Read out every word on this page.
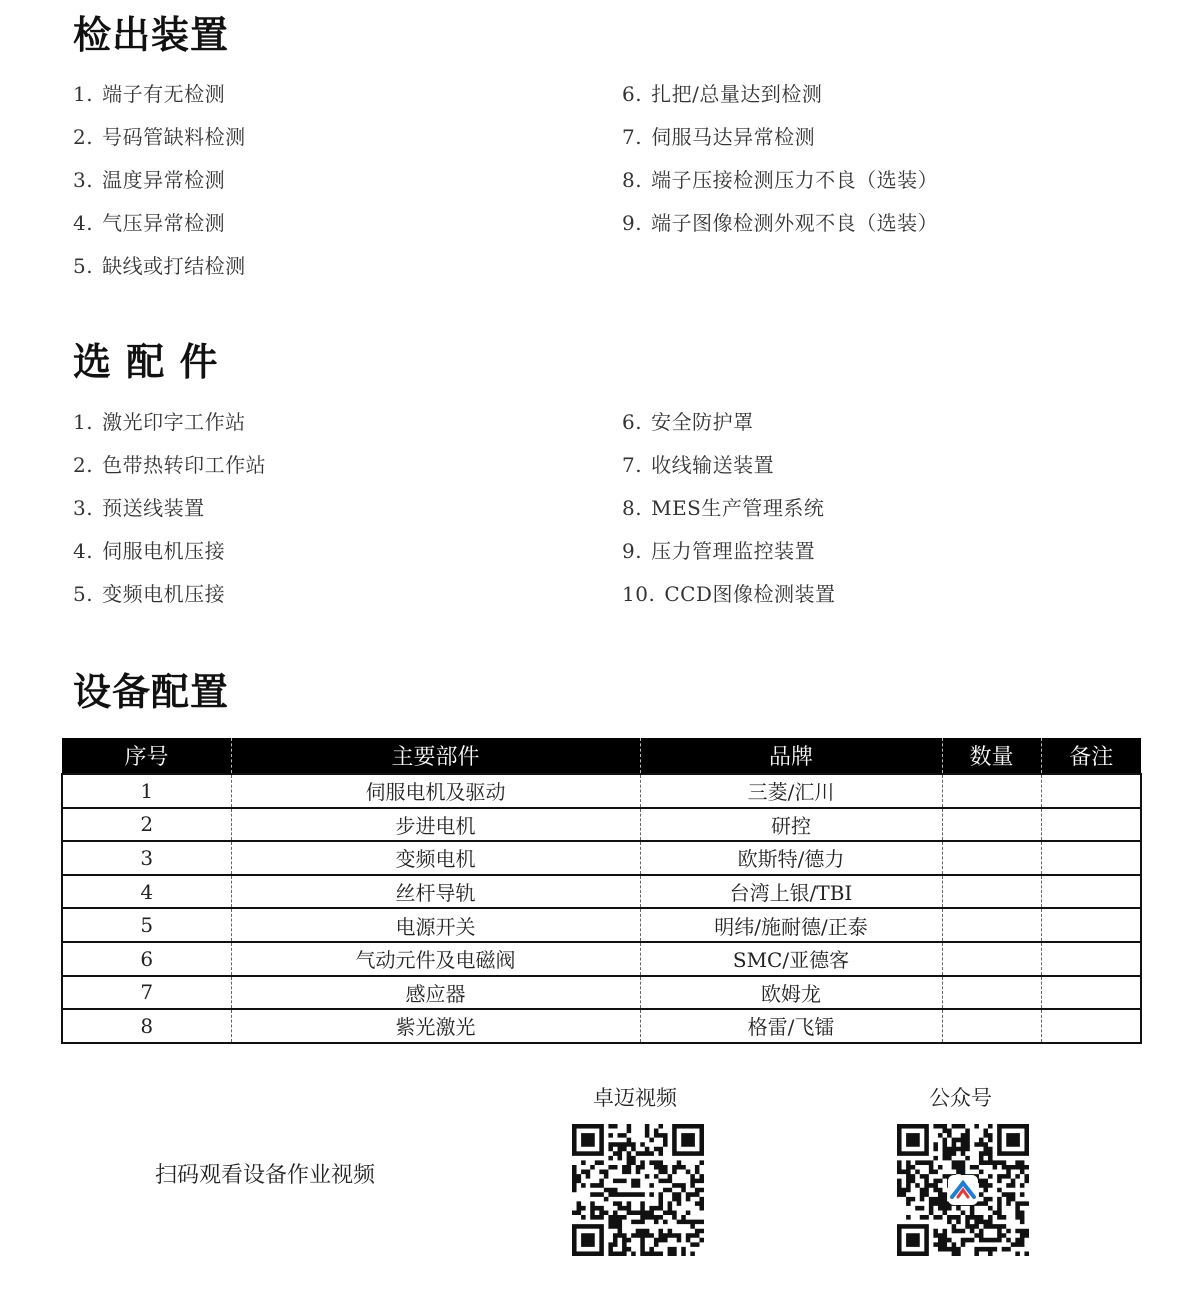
检出装置
1. 端子有无检测
2. 号码管缺料检测
3. 温度异常检测
4. 气压异常检测
5. 缺线或打结检测
6. 扎把/总量达到检测
7. 伺服马达异常检测
8. 端子压接检测压力不良（选装）
9. 端子图像检测外观不良（选装）
选 配 件
1. 激光印字工作站
2. 色带热转印工作站
3. 预送线装置
4. 伺服电机压接
5. 变频电机压接
6. 安全防护罩
7. 收线输送装置
8. MES生产管理系统
9. 压力管理监控装置
10. CCD图像检测装置
设备配置
序号	主要部件	品牌	数量	备注
1	伺服电机及驱动	三菱/汇川		
2	步进电机	研控		
3	变频电机	欧斯特/德力		
4	丝杆导轨	台湾上银/TBI		
5	电源开关	明纬/施耐德/正泰		
6	气动元件及电磁阀	SMC/亚德客		
7	感应器	欧姆龙		
8	紫光激光	格雷/飞镭		
扫码观看设备作业视频
卓迈视频	公众号
